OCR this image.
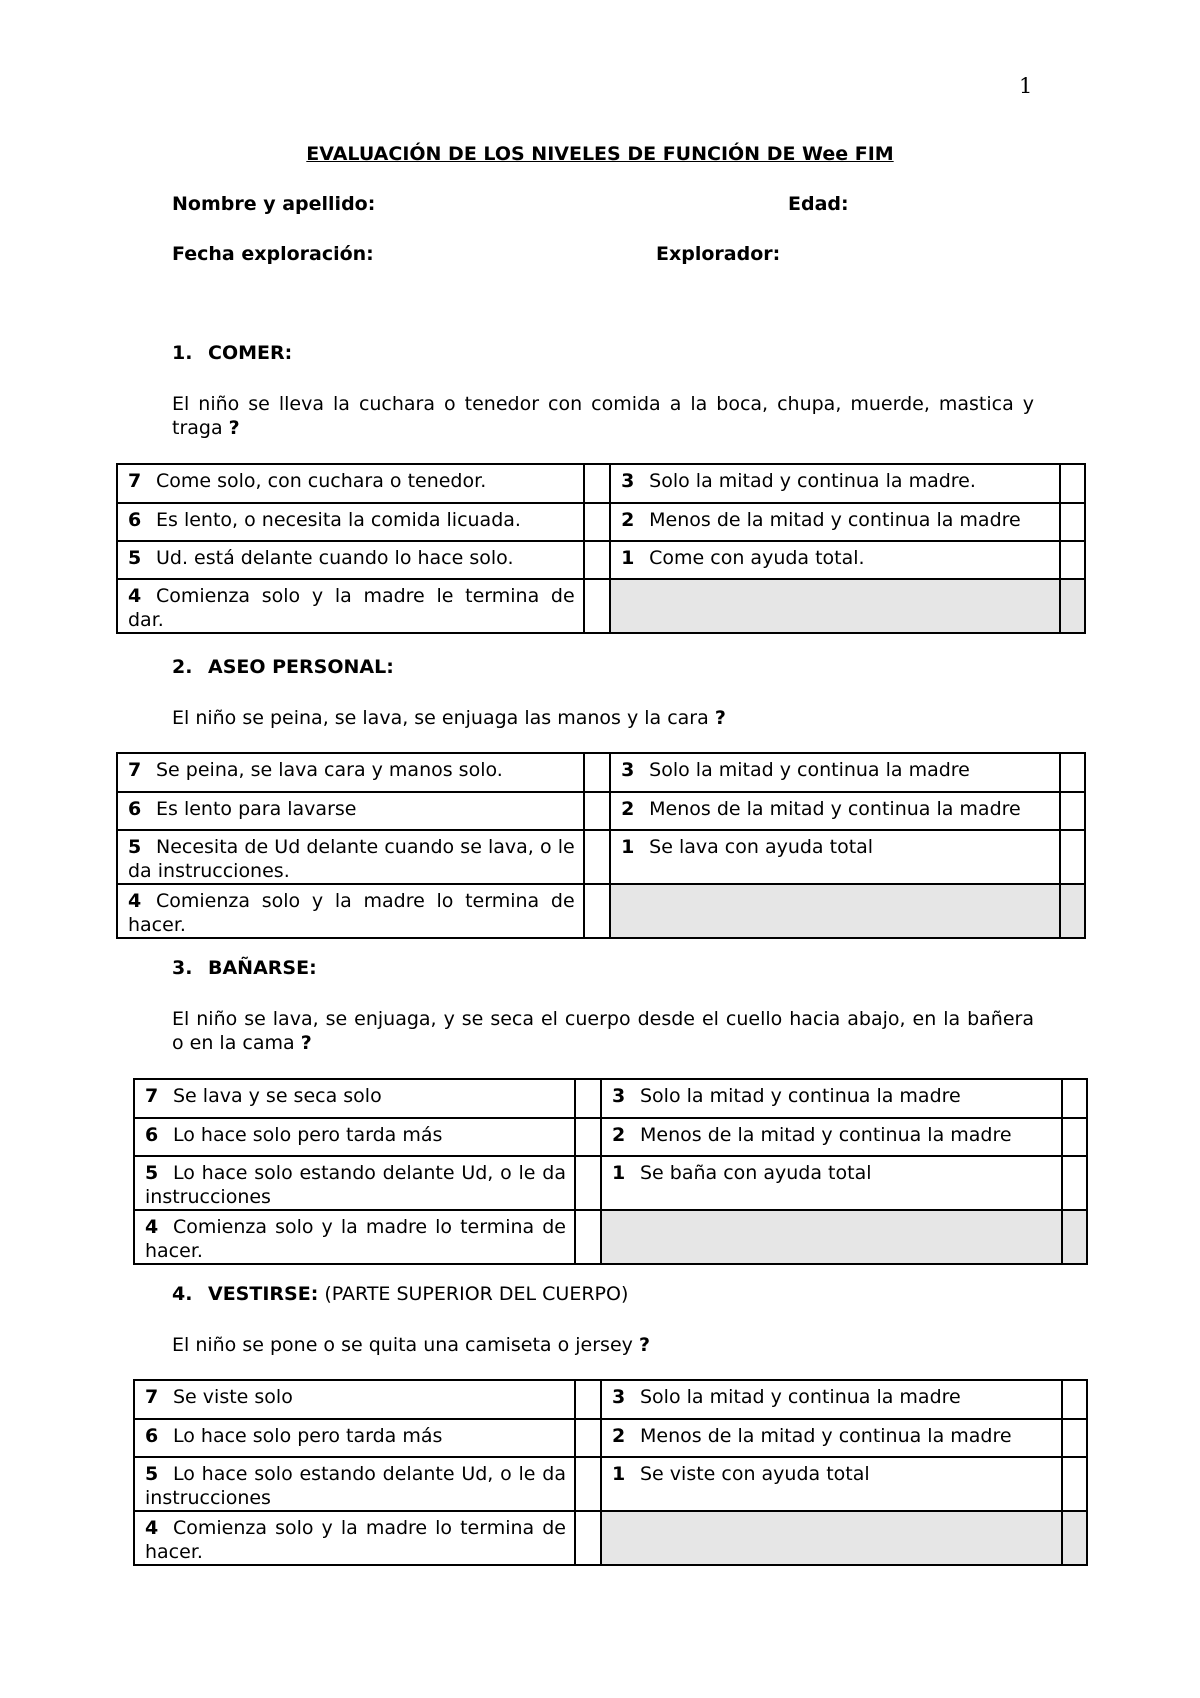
1
EVALUACIÓN DE LOS NIVELES DE FUNCIÓN DE Wee FIM
Nombre y apellido:	Edad:
Fecha exploración:	Explorador:
1. COMER:
El niño se lleva la cuchara o tenedor con comida a la boca, chupa, muerde, mastica y traga ?
7 Come solo, con cuchara o tenedor.		3 Solo la mitad y continua la madre.	
6 Es lento, o necesita la comida licuada.		2 Menos de la mitad y continua la madre	
5 Ud. está delante cuando lo hace solo.		1 Come con ayuda total.	
4 Comienza solo y la madre le termina de dar.			
2. ASEO PERSONAL:
El niño se peina, se lava, se enjuaga las manos y la cara ?
7 Se peina, se lava cara y manos solo.		3 Solo la mitad y continua la madre	
6 Es lento para lavarse		2 Menos de la mitad y continua la madre	
5 Necesita de Ud delante cuando se lava, o le da instrucciones.		1 Se lava con ayuda total	
4 Comienza solo y la madre lo termina de hacer.			
3. BAÑARSE:
El niño se lava, se enjuaga, y se seca el cuerpo desde el cuello hacia abajo, en la bañera o en la cama ?
7 Se lava y se seca solo		3 Solo la mitad y continua la madre	
6 Lo hace solo pero tarda más		2 Menos de la mitad y continua la madre	
5 Lo hace solo estando delante Ud, o le da instrucciones		1 Se baña con ayuda total	
4 Comienza solo y la madre lo termina de hacer.			
4. VESTIRSE: (PARTE SUPERIOR DEL CUERPO)
El niño se pone o se quita una camiseta o jersey ?
7 Se viste solo		3 Solo la mitad y continua la madre	
6 Lo hace solo pero tarda más		2 Menos de la mitad y continua la madre	
5 Lo hace solo estando delante Ud, o le da instrucciones		1 Se viste con ayuda total	
4 Comienza solo y la madre lo termina de hacer.			
